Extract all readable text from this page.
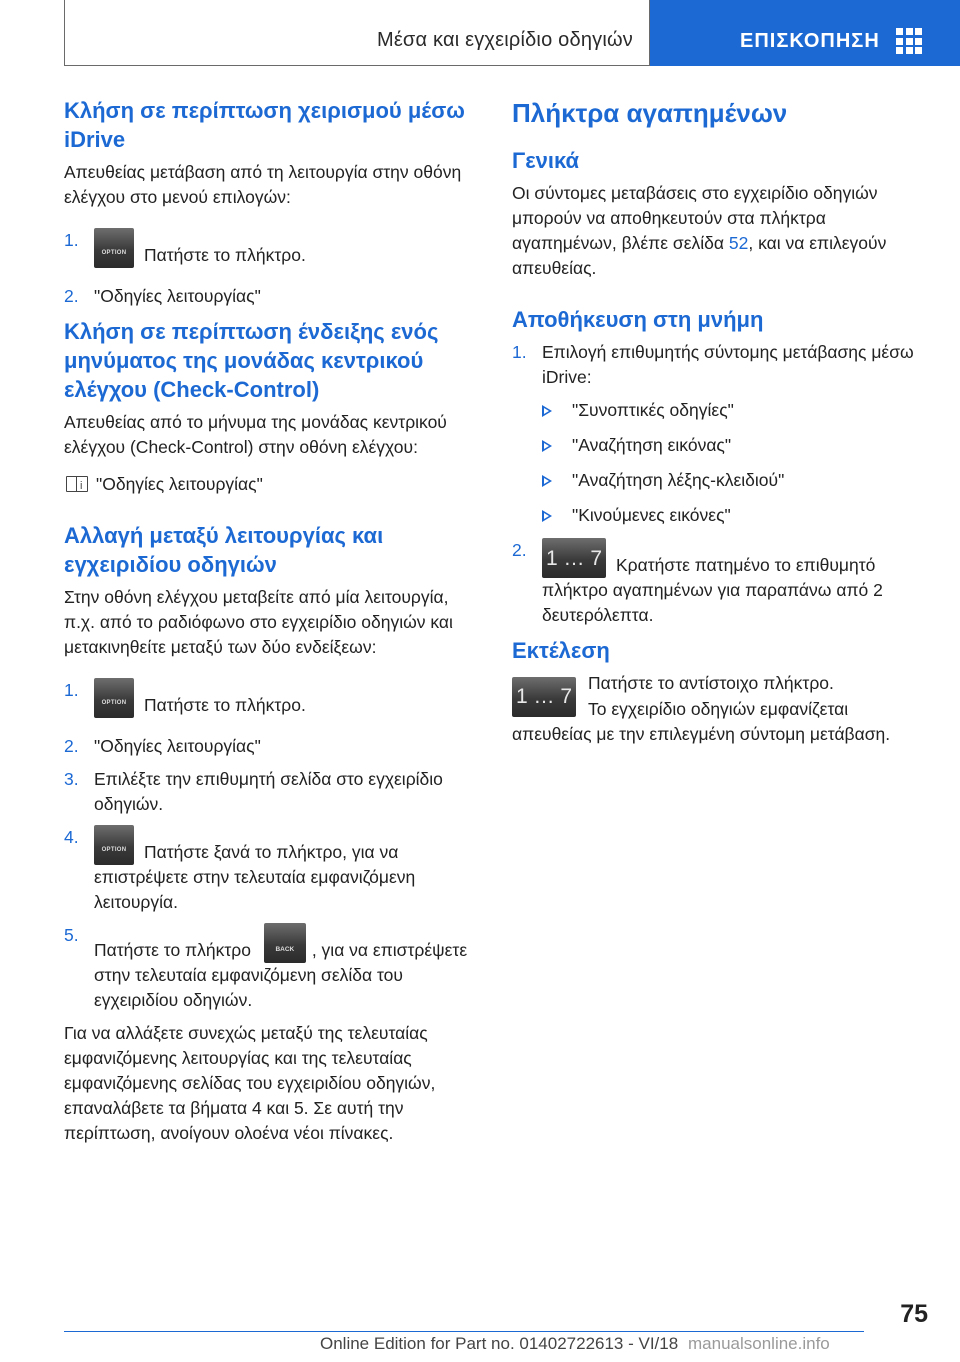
Μέσα και εγχειρίδιο οδηγιών	ΕΠΙΣΚΟΠΗΣΗ
Κλήση σε περίπτωση χειρισμού μέσω iDrive
Απευθείας μετάβαση από τη λειτουργία στην οθόνη ελέγχου στο μενού επιλογών:
1.
OPTIONΠατήστε το πλήκτρο.
2. "Οδηγίες λειτουργίας"
Κλήση σε περίπτωση ένδειξης ενός μηνύματος της μονάδας κεντρικού ελέγχου (Check-Control)
Απευθείας από το μήνυμα της μονάδας κεντρικού ελέγχου (Check-Control) στην οθόνη ελέγχου:
i"Οδηγίες λειτουργίας"
Αλλαγή μεταξύ λειτουργίας και εγχειριδίου οδηγιών
Στην οθόνη ελέγχου μεταβείτε από μία λειτουργία, π.χ. από το ραδιόφωνο στο εγχειρίδιο οδηγιών και μετακινηθείτε μεταξύ των δύο ενδείξεων:
1.
OPTIONΠατήστε το πλήκτρο.
2. "Οδηγίες λειτουργίας"
3. Επιλέξτε την επιθυμητή σελίδα στο εγχειρίδιο οδηγιών.
4.
OPTIONΠατήστε ξανά το πλήκτρο, για να επιστρέψετε στην τελευταία εμφανιζόμενη λειτουργία.
5.
Πατήστε το πλήκτρο BACK	, για να επιστρέψετε στην τελευταία εμφανιζόμενη σελίδα του εγχειριδίου οδηγιών.
Για να αλλάξετε συνεχώς μεταξύ της τελευταίας εμφανιζόμενης λειτουργίας και της τελευταίας εμφανιζόμενης σελίδας του εγχειριδίου οδηγιών, επαναλάβετε τα βήματα 4 και 5. Σε αυτή την περίπτωση, ανοίγουν ολοένα νέοι πίνακες.
Πλήκτρα αγαπημένων
Γενικά
Οι σύντομες μεταβάσεις στο εγχειρίδιο οδηγιών μπορούν να αποθηκευτούν στα πλήκτρα αγαπημένων, βλέπε σελίδα 52, και να επιλεγούν απευθείας.
Αποθήκευση στη μνήμη
1. Επιλογή επιθυμητής σύντομης μετάβασης μέσω iDrive:
"Συνοπτικές οδηγίες"
"Αναζήτηση εικόνας"
"Αναζήτηση λέξης-κλειδιού"
"Κινούμενες εικόνες"
2. 1 … 7 Κρατήστε πατημένο το επιθυμητό πλήκτρο αγαπημένων για παραπάνω από 2 δευτερόλεπτα.
Εκτέλεση
1 … 7
Πατήστε το αντίστοιχο πλήκτρο.
Το εγχειρίδιο οδηγιών εμφανίζεται απευθείας με την επιλεγμένη σύντομη μετάβαση.
75
Online Edition for Part no. 01402722613 - VI/18 manualsonline.info
